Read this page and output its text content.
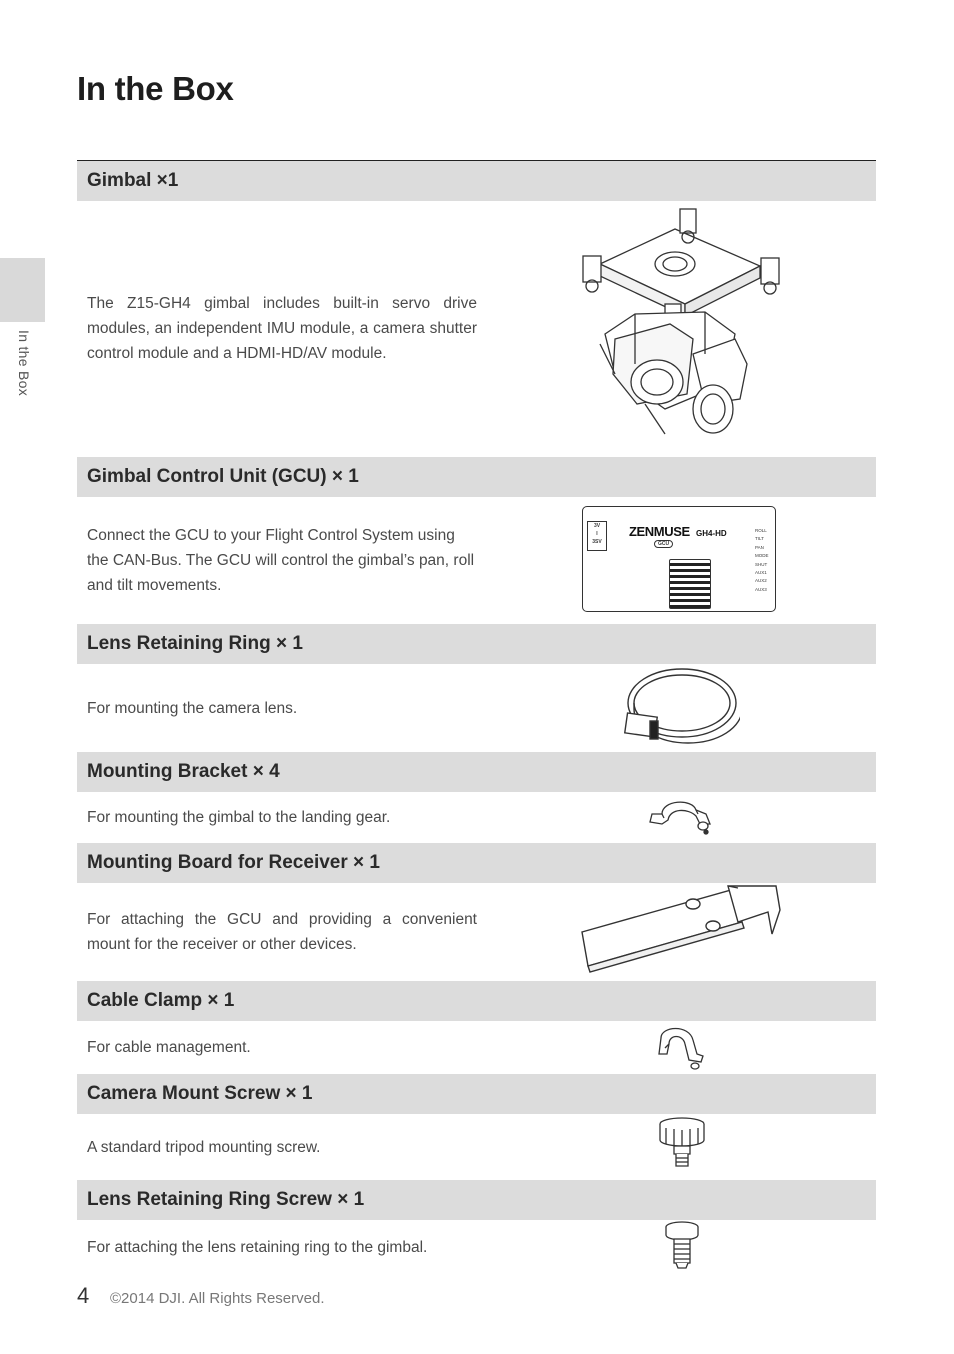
In the Box
In the Box
Gimbal ×1

The Z15-GH4 gimbal includes built-in servo drive modules, an independent IMU module, a camera shutter control module and a HDMI-HD/AV module.

Gimbal Control Unit (GCU) × 1

Connect the GCU to your Flight Control System using the CAN-Bus. The GCU will control the gimbal’s pan, roll and tilt movements.

3V
I
3SV
ZENMUSE GH4-HD
GCU
ROLL
TILT
PAN
MODE
SHUT
AUX1
AUX2
AUX3
Lens Retaining Ring × 1

For mounting the camera lens.

Mounting Bracket × 4

For mounting the gimbal to the landing gear.

Mounting Board for Receiver × 1

For attaching the GCU and providing a convenient mount for the receiver or other devices.

Cable Clamp × 1

For cable management.

Camera Mount Screw × 1

A standard tripod mounting screw.

Lens Retaining Ring Screw × 1

For attaching the lens retaining ring to the gimbal.

4 ©2014 DJI. All Rights Reserved.
